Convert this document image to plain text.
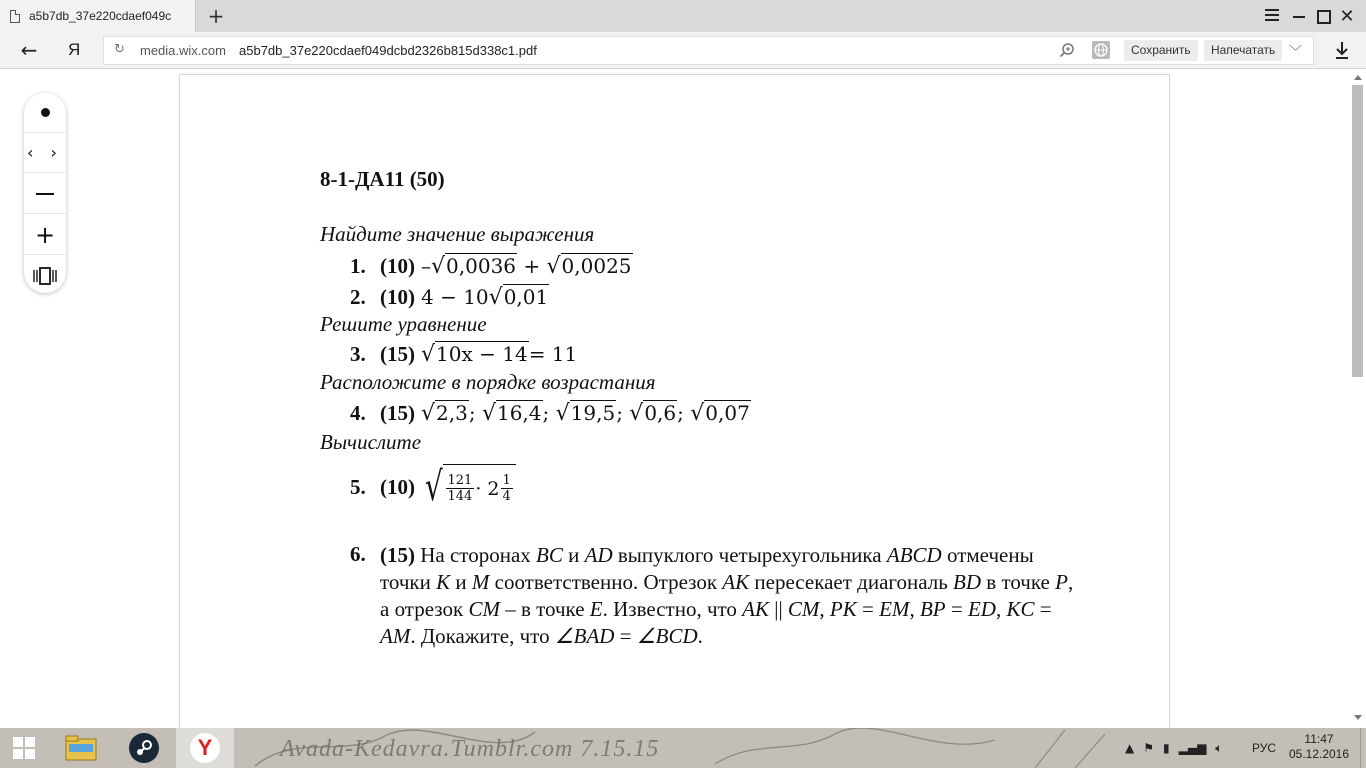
a5b7db_37e220cdaef049c	+	✕
← Я	↻ media.wix.com a5b7db_37e220cdaef049dcbd2326b815d338c1.pdf	Сохранить	Напечатать	﹀
‹ ›
+
8-1-ДА11 (50)
Найдите значение выражения
1. (10) – √0,0036 + √0,0025
2. (10) 4 − 10 √0,01
Решите уравнение
3. (15) √10x − 14 = 11
Расположите в порядке возрастания
4. (15) √2,3 ; √16,4 ; √19,5 ; √0,6 ; √0,07
Вычислите
5. (10) √ $\frac{121}{144} \cdot 2 \frac{1}{4}$
6. (15) На сторонах BC и AD выпуклого четырехугольника ABCD отмечены точки K и M соответственно. Отрезок AK пересекает диагональ BD в точке P, а отрезок CM – в точке E. Известно, что AK || CM, PK = EM, BP = ED, KC = AM. Докажите, что ∠BAD = ∠BCD.
Avada-Kedavra.Tumblr.com 7.15.15
Y	▲ ⚑ ▮ ▂▄▆ 🔈︎ РУС
11:47
05.12.2016
